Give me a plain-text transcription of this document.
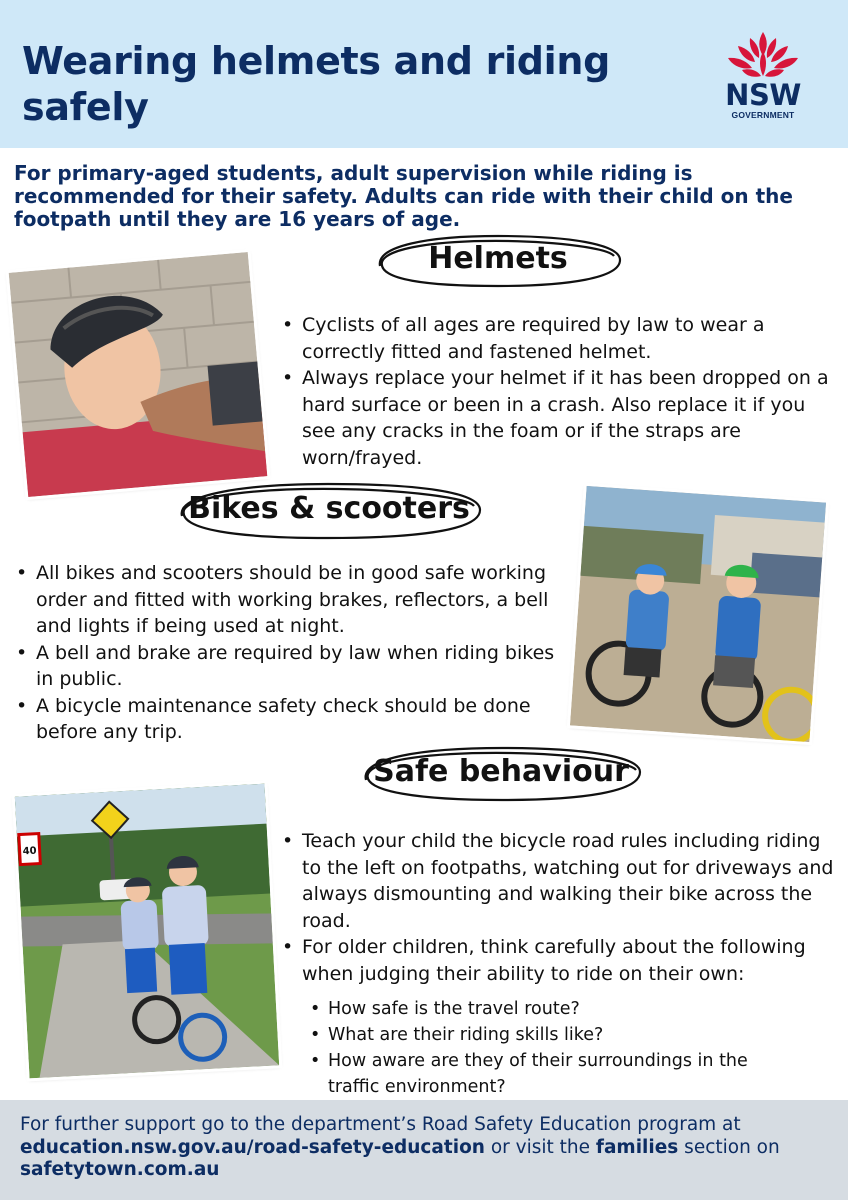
Wearing helmets and riding safely	NSW
GOVERNMENT

For primary-aged students, adult supervision while riding is recommended for their safety. Adults can ride with their child on the footpath until they are 16 years of age.

Helmets
• Cyclists of all ages are required by law to wear a correctly fitted and fastened helmet.
• Always replace your helmet if it has been dropped on a hard surface or been in a crash. Also replace it if you see any cracks in the foam or if the straps are worn/frayed.
Bikes & scooters
• All bikes and scooters should be in good safe working order and fitted with working brakes, reflectors, a bell and lights if being used at night.
• A bell and brake are required by law when riding bikes in public.
• A bicycle maintenance safety check should be done before any trip.
Safe behaviour
40
•	Teach your child the bicycle road rules including riding to the left on footpaths, watching out for driveways and always dismounting and walking their bike across the road.
• For older children, think carefully about the following when judging their ability to ride on their own:
• How safe is the travel route?
• What are their riding skills like?
• How aware are they of their surroundings in the traffic environment?

For further support go to the department’s Road Safety Education program at education.nsw.gov.au/road-safety-education or visit the families section on safetytown.com.au
